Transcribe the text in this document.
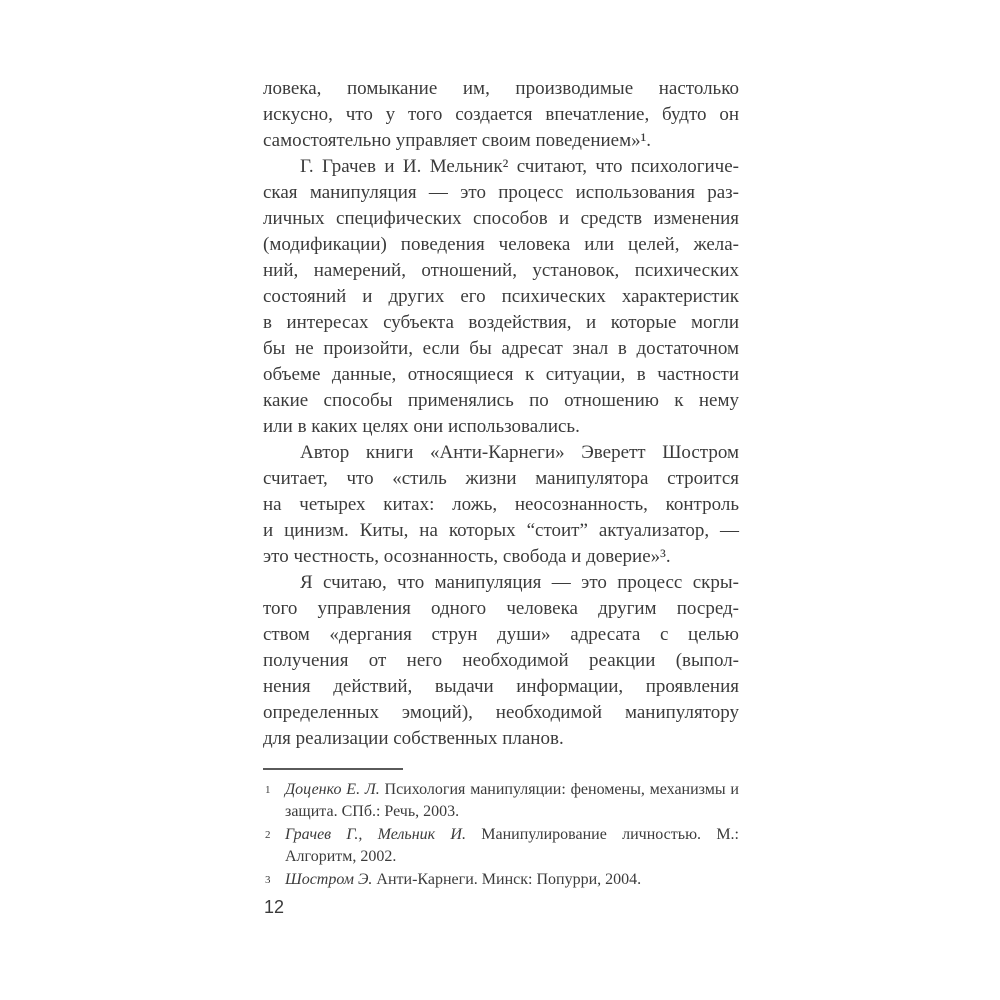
ловека, помыкание им, производимые настолько
искусно, что у того создается впечатление, будто он
самостоятельно управляет своим поведением»¹.

Г. Грачев и И. Мельник² считают, что психологиче-
ская манипуляция — это процесс использования раз-
личных специфических способов и средств изменения
(модификации) поведения человека или целей, жела-
ний, намерений, отношений, установок, психических
состояний и других его психических характеристик
в интересах субъекта воздействия, и которые могли
бы не произойти, если бы адресат знал в достаточном
объеме данные, относящиеся к ситуации, в частности
какие способы применялись по отношению к нему
или в каких целях они использовались.

Автор книги «Анти-Карнеги» Эверетт Шостром
считает, что «стиль жизни манипулятора строится
на четырех китах: ложь, неосознанность, контроль
и цинизм. Киты, на которых “стоит” актуализатор, —
это честность, осознанность, свобода и доверие»³.

Я считаю, что манипуляция — это процесс скры-
того управления одного человека другим посред-
ством «дергания струн души» адресата с целью
получения от него необходимой реакции (выпол-
нения действий, выдачи информации, проявления
определенных эмоций), необходимой манипулятору
для реализации собственных планов.

1 Доценко Е. Л. Психология манипуляции: феномены, механизмы и защита. СПб.: Речь, 2003.
2 Грачев Г., Мельник И. Манипулирование личностью. М.: Алгоритм, 2002.
3 Шостром Э. Анти-Карнеги. Минск: Попурри, 2004.
12
